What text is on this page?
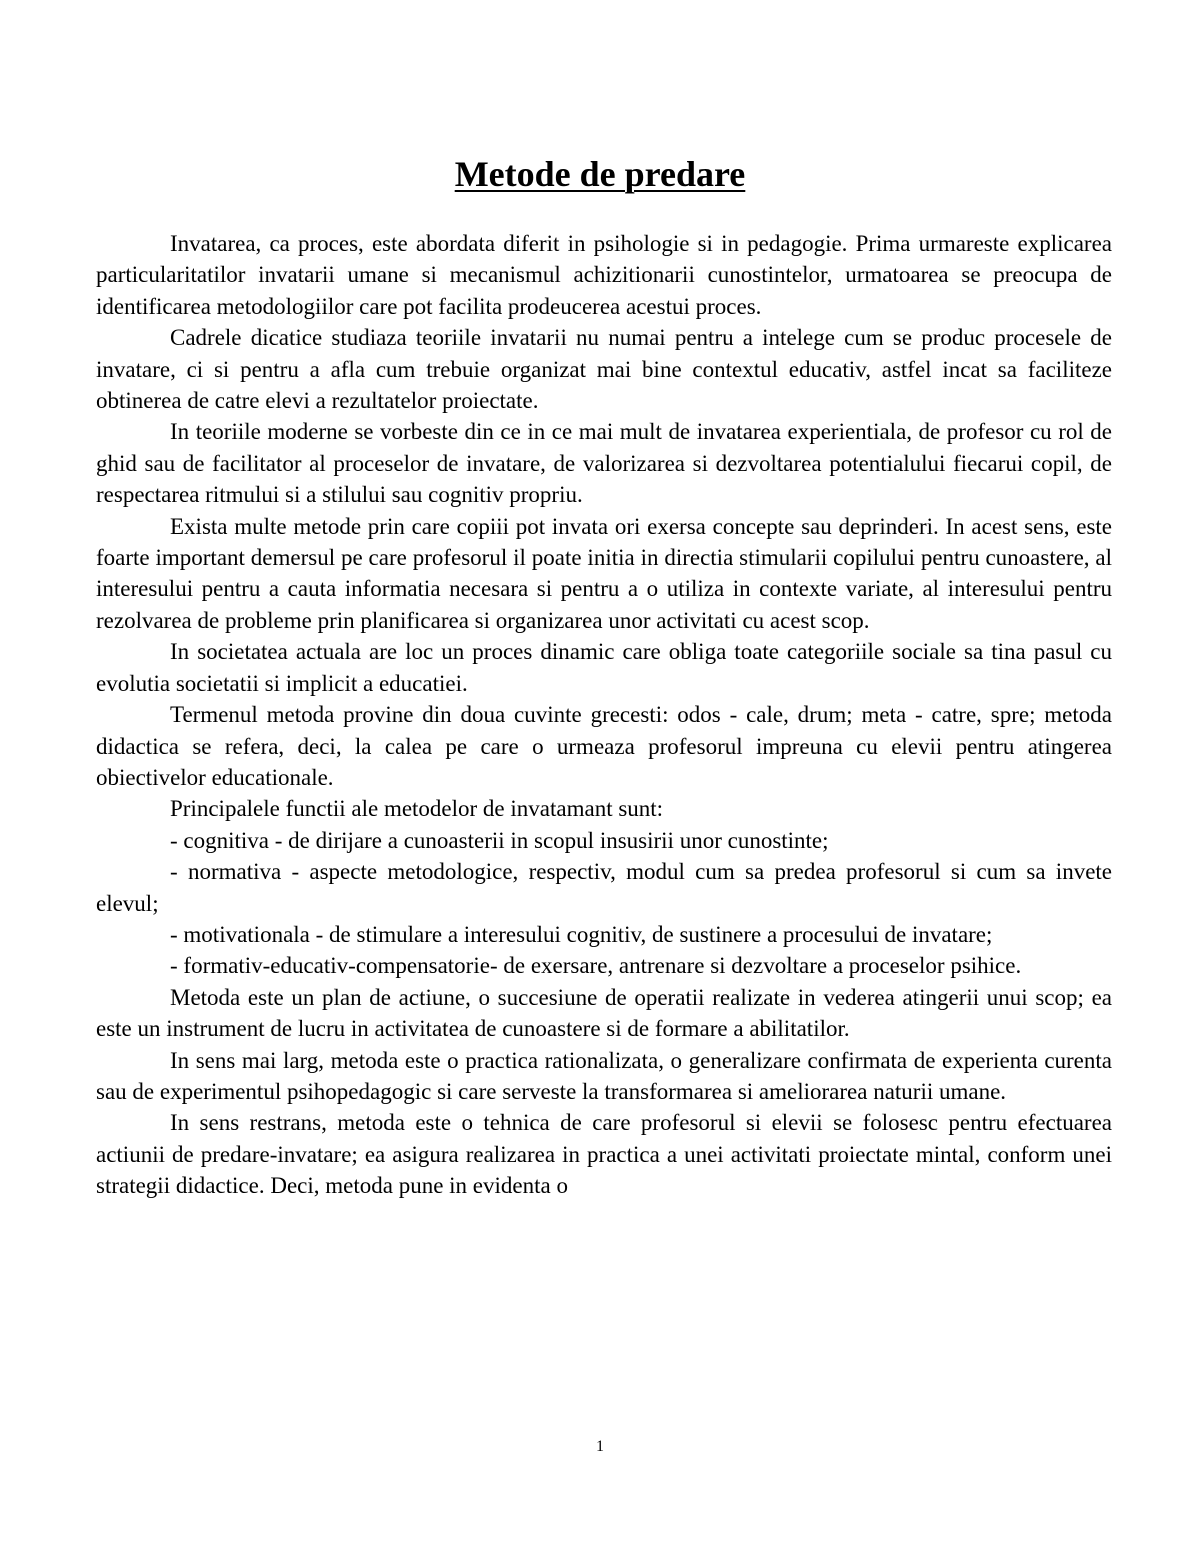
Metode de predare

Invatarea, ca proces, este abordata diferit in psihologie si in pedagogie. Prima urmareste explicarea particularitatilor invatarii umane si mecanismul achizitionarii cunostintelor, urmatoarea se preocupa de identificarea metodologiilor care pot facilita prodeucerea acestui proces.

Cadrele dicatice studiaza teoriile invatarii nu numai pentru a intelege cum se produc procesele de invatare, ci si pentru a afla cum trebuie organizat mai bine contextul educativ, astfel incat sa faciliteze obtinerea de catre elevi a rezultatelor proiectate.

In teoriile moderne se vorbeste din ce in ce mai mult de invatarea experientiala, de profesor cu rol de ghid sau de facilitator al proceselor de invatare, de valorizarea si dezvoltarea potentialului fiecarui copil, de respectarea ritmului si a stilului sau cognitiv propriu.

Exista multe metode prin care copiii pot invata ori exersa concepte sau deprinderi. In acest sens, este foarte important demersul pe care profesorul il poate initia in directia stimularii copilului pentru cunoastere, al interesului pentru a cauta informatia necesara si pentru a o utiliza in contexte variate, al interesului pentru rezolvarea de probleme prin planificarea si organizarea unor activitati cu acest scop.

In societatea actuala are loc un proces dinamic care obliga toate categoriile sociale sa tina pasul cu evolutia societatii si implicit a educatiei.

Termenul metoda provine din doua cuvinte grecesti: odos - cale, drum; meta - catre, spre; metoda didactica se refera, deci, la calea pe care o urmeaza profesorul impreuna cu elevii pentru atingerea obiectivelor educationale.

Principalele functii ale metodelor de invatamant sunt:

- cognitiva - de dirijare a cunoasterii in scopul insusirii unor cunostinte;

- normativa - aspecte metodologice, respectiv, modul cum sa predea profesorul si cum sa invete elevul;

- motivationala - de stimulare a interesului cognitiv, de sustinere a procesului de invatare;

- formativ-educativ-compensatorie- de exersare, antrenare si dezvoltare a proceselor psihice.

Metoda este un plan de actiune, o succesiune de operatii realizate in vederea atingerii unui scop; ea este un instrument de lucru in activitatea de cunoastere si de formare a abilitatilor.

In sens mai larg, metoda este o practica rationalizata, o generalizare confirmata de experienta curenta sau de experimentul psihopedagogic si care serveste la transformarea si ameliorarea naturii umane.

In sens restrans, metoda este o tehnica de care profesorul si elevii se folosesc pentru efectuarea actiunii de predare-invatare; ea asigura realizarea in practica a unei activitati proiectate mintal, conform unei strategii didactice. Deci, metoda pune in evidenta o

1
